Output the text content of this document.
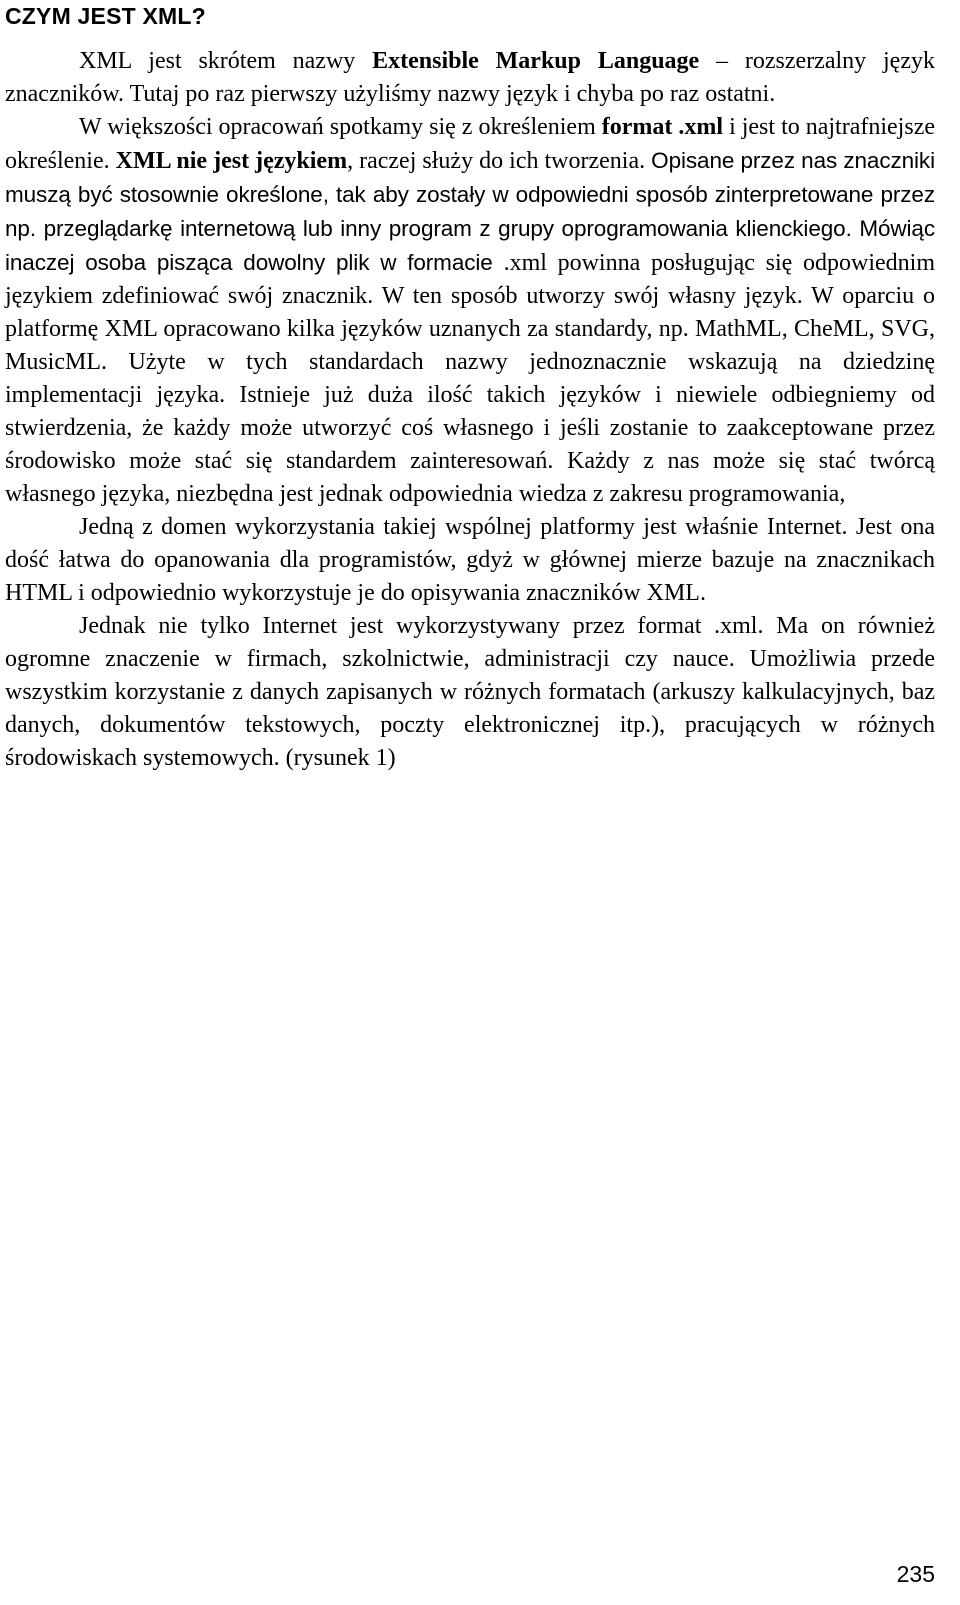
CZYM JEST XML?

XML jest skrótem nazwy Extensible Markup Language – rozszerzalny język znaczników. Tutaj po raz pierwszy użyliśmy nazwy język i chyba po raz ostatni.

W większości opracowań spotkamy się z określeniem format .xml i jest to najtrafniejsze określenie. XML nie jest językiem, raczej służy do ich tworzenia. Opisane przez nas znaczniki muszą być stosownie określone, tak aby zostały w odpowiedni sposób zinterpretowane przez np. przeglądarkę internetową lub inny program z grupy oprogramowania klienckiego. Mówiąc inaczej osoba pisząca dowolny plik w formacie .xml powinna posługując się odpowiednim językiem zdefiniować swój znacznik. W ten sposób utworzy swój własny język. W oparciu o platformę XML opracowano kilka języków uznanych za standardy, np. MathML, CheML, SVG, MusicML. Użyte w tych standardach nazwy jednoznacznie wskazują na dziedzinę implementacji języka. Istnieje już duża ilość takich języków i niewiele odbiegniemy od stwierdzenia, że każdy może utworzyć coś własnego i jeśli zostanie to zaakceptowane przez środowisko może stać się standardem zainteresowań. Każdy z nas może się stać twórcą własnego języka, niezbędna jest jednak odpowiednia wiedza z zakresu programowania,

Jedną z domen wykorzystania takiej wspólnej platformy jest właśnie Internet. Jest ona dość łatwa do opanowania dla programistów, gdyż w głównej mierze bazuje na znacznikach HTML i odpowiednio wykorzystuje je do opisywania znaczników XML.

Jednak nie tylko Internet jest wykorzystywany przez format .xml. Ma on również ogromne znaczenie w firmach, szkolnictwie, administracji czy nauce. Umożliwia przede wszystkim korzystanie z danych zapisanych w różnych formatach (arkuszy kalkulacyjnych, baz danych, dokumentów tekstowych, poczty elektronicznej itp.), pracujących w różnych środowiskach systemowych. (rysunek 1)

235
